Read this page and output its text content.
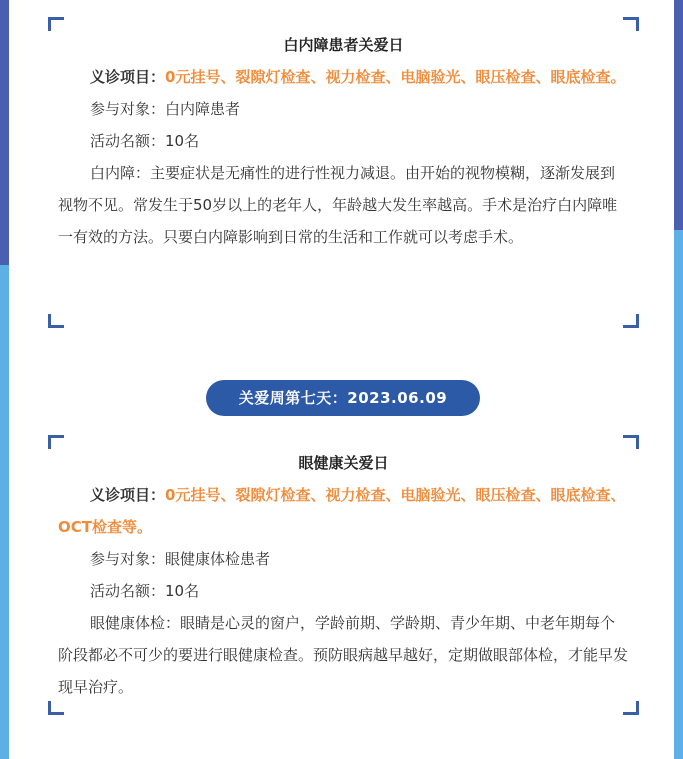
白内障患者关爱日

义诊项目：0元挂号、裂隙灯检查、视力检查、电脑验光、眼压检查、眼底检查。

参与对象：白内障患者

活动名额：10名

白内障：主要症状是无痛性的进行性视力减退。由开始的视物模糊，逐渐发展到视物不见。常发生于50岁以上的老年人，年龄越大发生率越高。手术是治疗白内障唯一有效的方法。只要白内障影响到日常的生活和工作就可以考虑手术。

关爱周第七天：2023.06.09
眼健康关爱日

义诊项目：0元挂号、裂隙灯检查、视力检查、电脑验光、眼压检查、眼底检查、OCT检查等。

参与对象：眼健康体检患者

活动名额：10名

眼健康体检：眼睛是心灵的窗户，学龄前期、学龄期、青少年期、中老年期每个阶段都必不可少的要进行眼健康检查。预防眼病越早越好，定期做眼部体检，才能早发现早治疗。
